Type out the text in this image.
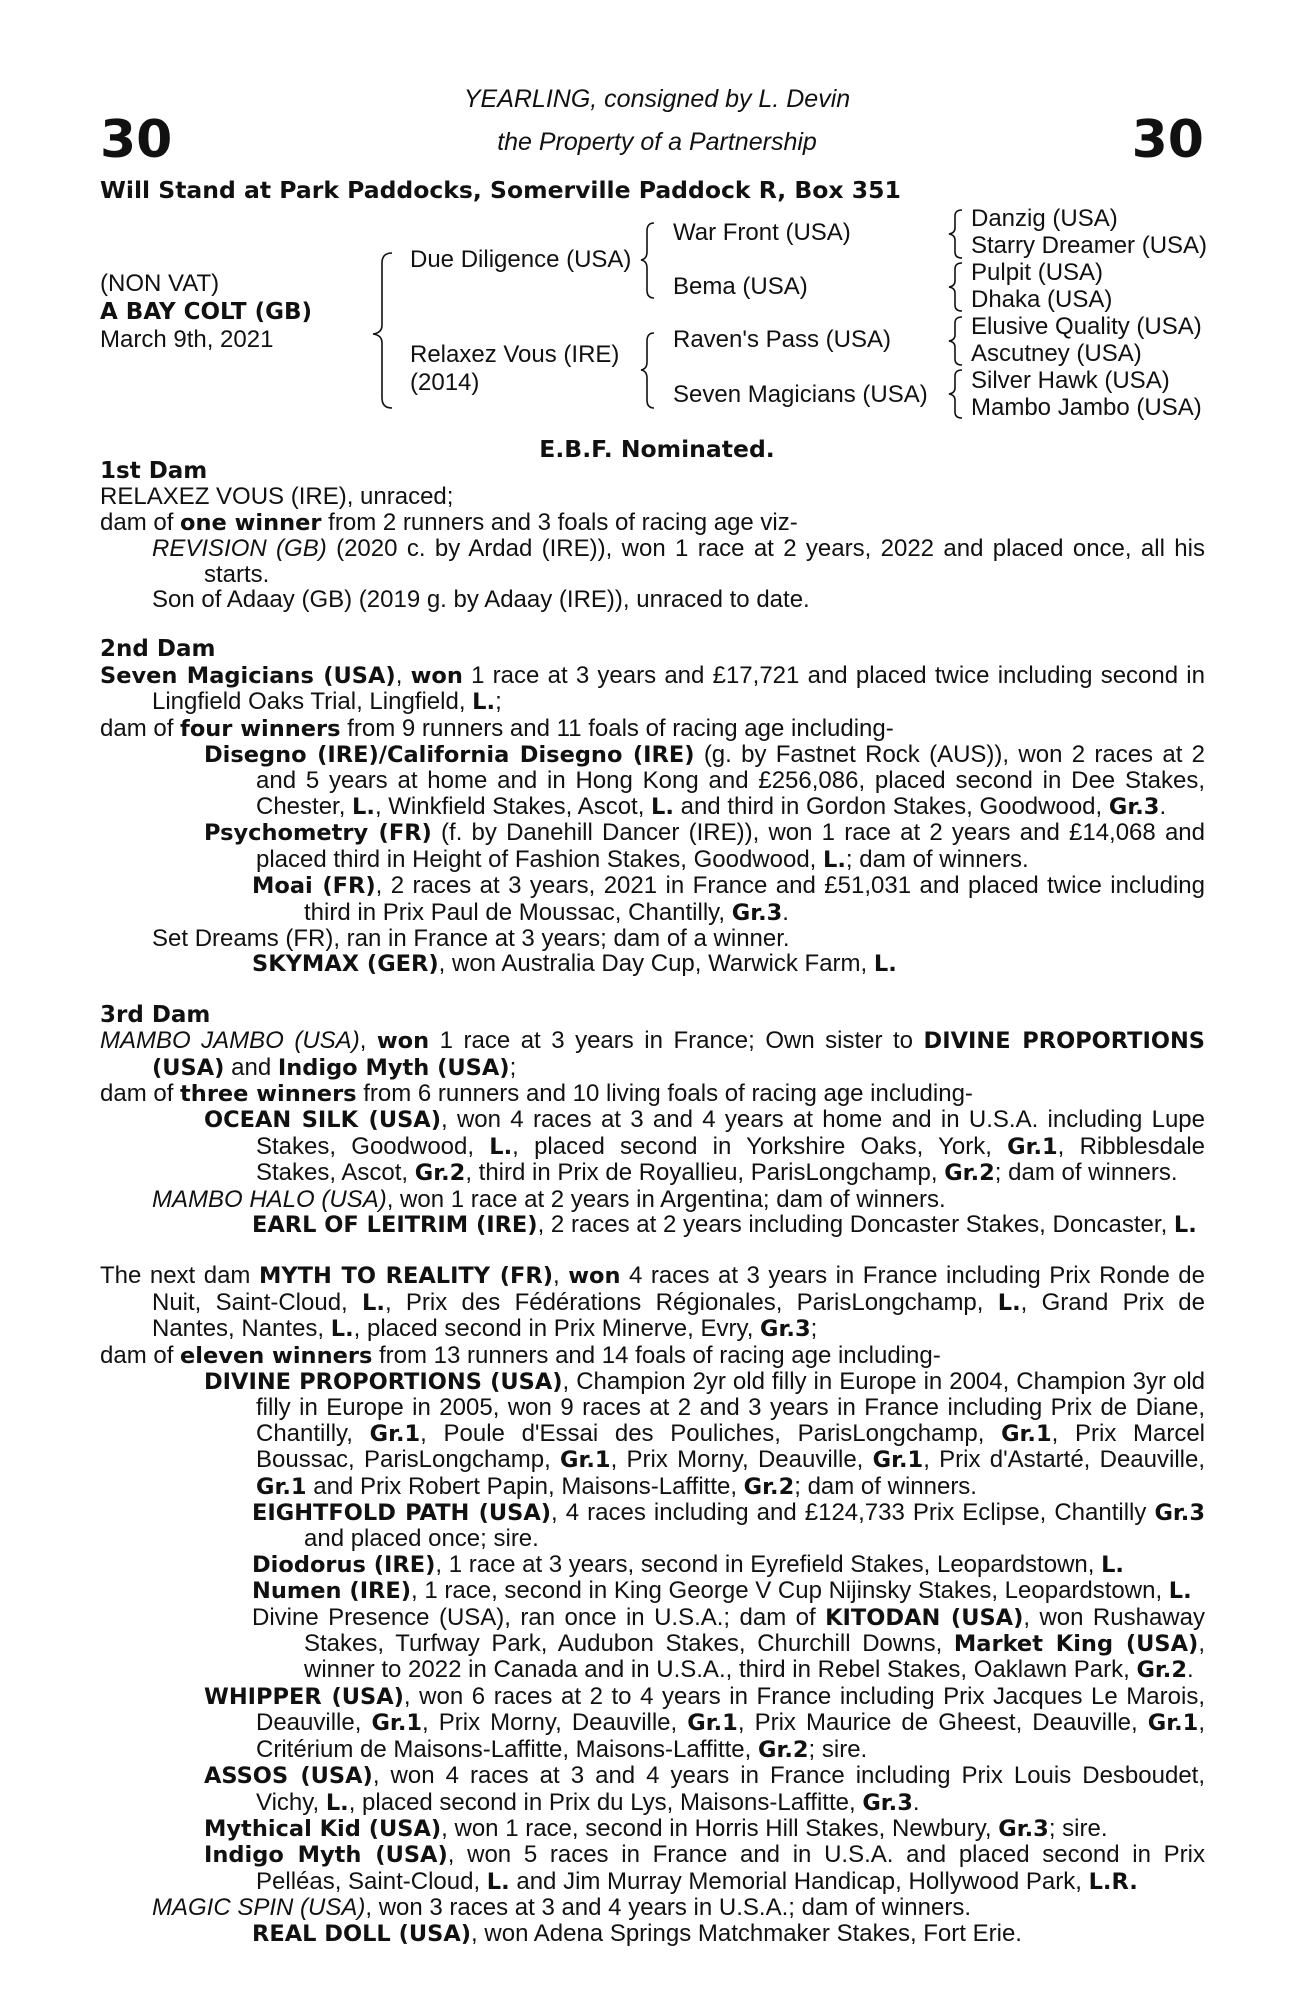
30	30
YEARLING, consigned by L. Devin
the Property of a Partnership
Will Stand at Park Paddocks, Somerville Paddock R, Box 351
(NON VAT)
A BAY COLT (GB)
March 9th, 2021
Due Diligence (USA)
Relaxez Vous (IRE)
(2014)
War Front (USA)
Bema (USA)
Raven's Pass (USA)
Seven Magicians (USA)
Danzig (USA)
Starry Dreamer (USA)
Pulpit (USA)
Dhaka (USA)
Elusive Quality (USA)
Ascutney (USA)
Silver Hawk (USA)
Mambo Jambo (USA)
E.B.F. Nominated.

1st Dam

RELAXEZ VOUS (IRE), unraced;

dam of one winner from 2 runners and 3 foals of racing age viz-

REVISION (GB) (2020 c. by Ardad (IRE)), won 1 race at 2 years, 2022 and placed once, all his starts.

Son of Adaay (GB) (2019 g. by Adaay (IRE)), unraced to date.

2nd Dam

Seven Magicians (USA), won 1 race at 3 years and £17,721 and placed twice including second in Lingfield Oaks Trial, Lingfield, L.;

dam of four winners from 9 runners and 11 foals of racing age including-

Disegno (IRE)/California Disegno (IRE) (g. by Fastnet Rock (AUS)), won 2 races at 2 and 5 years at home and in Hong Kong and £256,086, placed second in Dee Stakes, Chester, L., Winkfield Stakes, Ascot, L. and third in Gordon Stakes, Goodwood, Gr.3.

Psychometry (FR) (f. by Danehill Dancer (IRE)), won 1 race at 2 years and £14,068 and placed third in Height of Fashion Stakes, Goodwood, L.; dam of winners.

Moai (FR), 2 races at 3 years, 2021 in France and £51,031 and placed twice including third in Prix Paul de Moussac, Chantilly, Gr.3.

Set Dreams (FR), ran in France at 3 years; dam of a winner.

SKYMAX (GER), won Australia Day Cup, Warwick Farm, L.

3rd Dam

MAMBO JAMBO (USA), won 1 race at 3 years in France; Own sister to DIVINE PROPORTIONS (USA) and Indigo Myth (USA);

dam of three winners from 6 runners and 10 living foals of racing age including-

OCEAN SILK (USA), won 4 races at 3 and 4 years at home and in U.S.A. including Lupe Stakes, Goodwood, L., placed second in Yorkshire Oaks, York, Gr.1, Ribblesdale Stakes, Ascot, Gr.2, third in Prix de Royallieu, ParisLongchamp, Gr.2; dam of winners.

MAMBO HALO (USA), won 1 race at 2 years in Argentina; dam of winners.

EARL OF LEITRIM (IRE), 2 races at 2 years including Doncaster Stakes, Doncaster, L.

The next dam MYTH TO REALITY (FR), won 4 races at 3 years in France including Prix Ronde de Nuit, Saint-Cloud, L., Prix des Fédérations Régionales, ParisLongchamp, L., Grand Prix de Nantes, Nantes, L., placed second in Prix Minerve, Evry, Gr.3;

dam of eleven winners from 13 runners and 14 foals of racing age including-

DIVINE PROPORTIONS (USA), Champion 2yr old filly in Europe in 2004, Champion 3yr old filly in Europe in 2005, won 9 races at 2 and 3 years in France including Prix de Diane, Chantilly, Gr.1, Poule d'Essai des Pouliches, ParisLongchamp, Gr.1, Prix Marcel Boussac, ParisLongchamp, Gr.1, Prix Morny, Deauville, Gr.1, Prix d'Astarté, Deauville, Gr.1 and Prix Robert Papin, Maisons-Laffitte, Gr.2; dam of winners.

EIGHTFOLD PATH (USA), 4 races including and £124,733 Prix Eclipse, Chantilly Gr.3 and placed once; sire.

Diodorus (IRE), 1 race at 3 years, second in Eyrefield Stakes, Leopardstown, L.

Numen (IRE), 1 race, second in King George V Cup Nijinsky Stakes, Leopardstown, L.

Divine Presence (USA), ran once in U.S.A.; dam of KITODAN (USA), won Rushaway Stakes, Turfway Park, Audubon Stakes, Churchill Downs, Market King (USA), winner to 2022 in Canada and in U.S.A., third in Rebel Stakes, Oaklawn Park, Gr.2.

WHIPPER (USA), won 6 races at 2 to 4 years in France including Prix Jacques Le Marois, Deauville, Gr.1, Prix Morny, Deauville, Gr.1, Prix Maurice de Gheest, Deauville, Gr.1, Critérium de Maisons-Laffitte, Maisons-Laffitte, Gr.2; sire.

ASSOS (USA), won 4 races at 3 and 4 years in France including Prix Louis Desboudet, Vichy, L., placed second in Prix du Lys, Maisons-Laffitte, Gr.3.

Mythical Kid (USA), won 1 race, second in Horris Hill Stakes, Newbury, Gr.3; sire.

Indigo Myth (USA), won 5 races in France and in U.S.A. and placed second in Prix Pelléas, Saint-Cloud, L. and Jim Murray Memorial Handicap, Hollywood Park, L.R.

MAGIC SPIN (USA), won 3 races at 3 and 4 years in U.S.A.; dam of winners.

REAL DOLL (USA), won Adena Springs Matchmaker Stakes, Fort Erie.
